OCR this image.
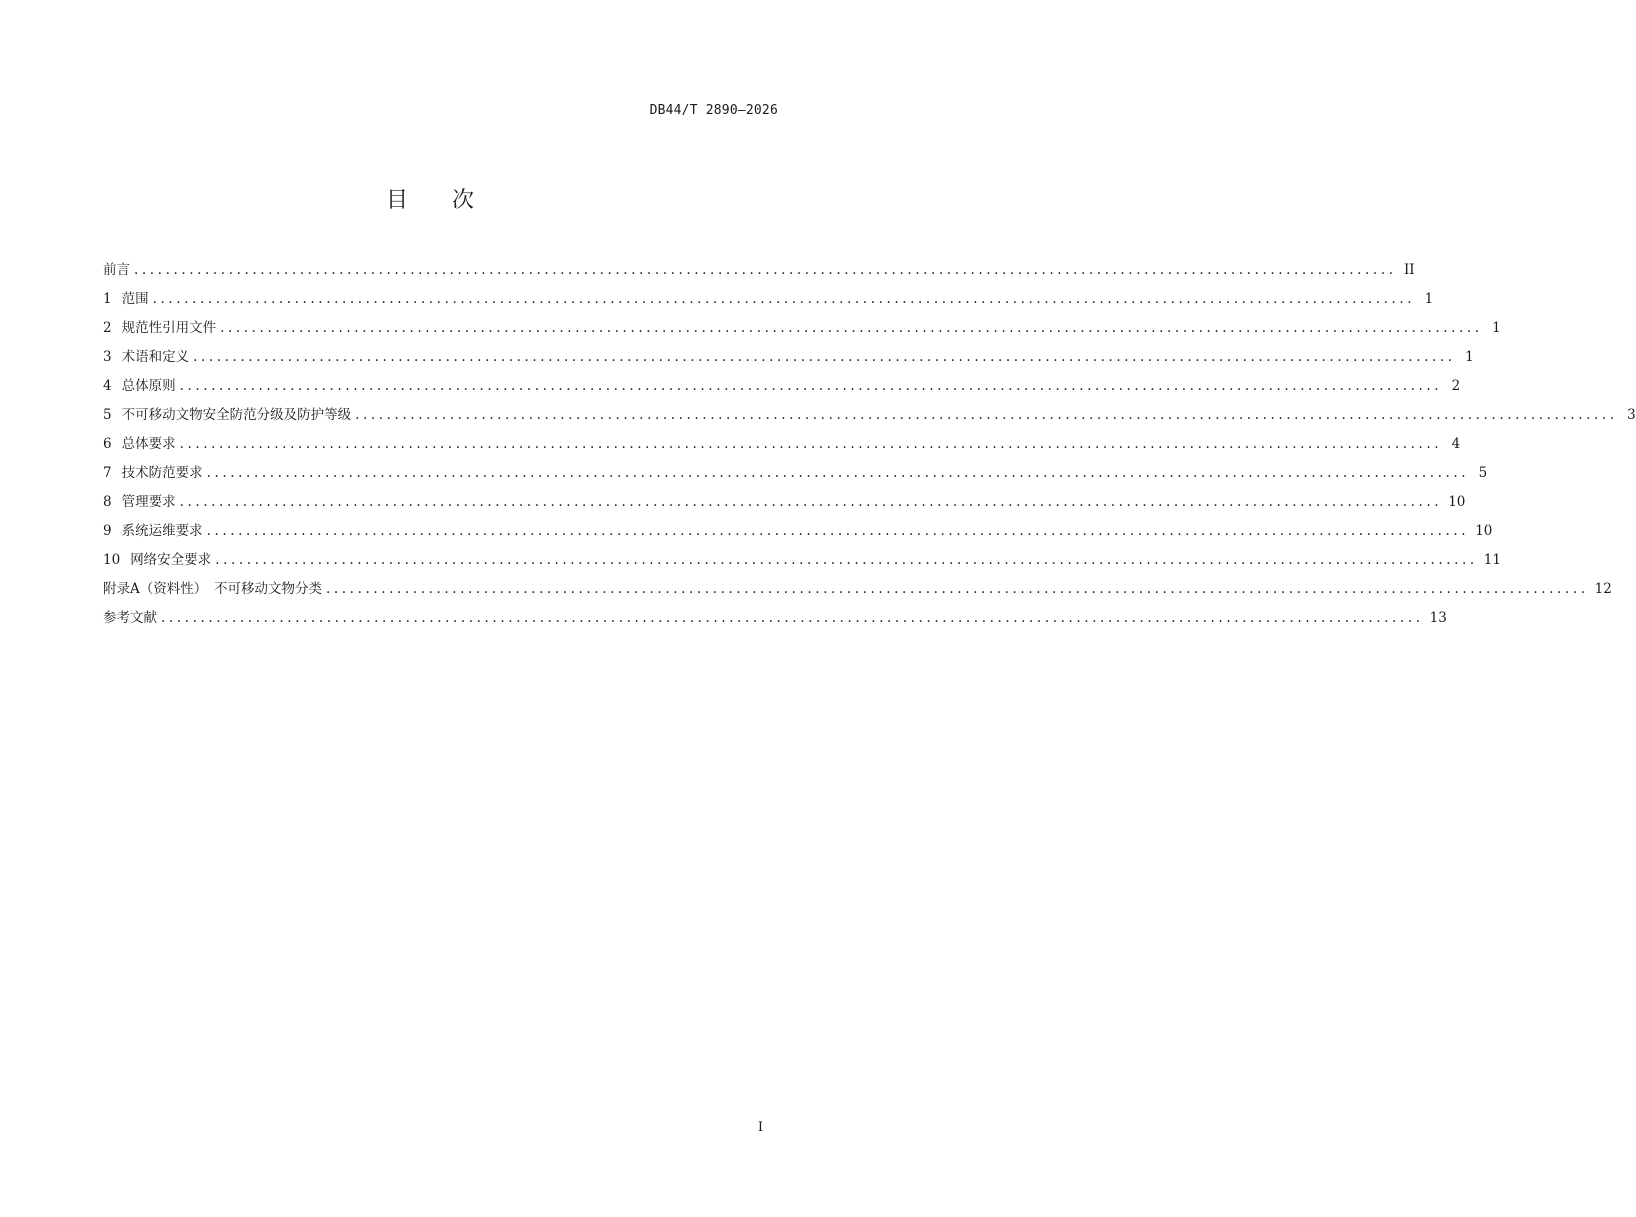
DB44/T 2890—2026
目 次
前言 ................................................................................................................................................................ II
1 范围 ................................................................................................................................................................ 1
2 规范性引用文件 ................................................................................................................................................................ 1
3 术语和定义 ................................................................................................................................................................ 1
4 总体原则 ................................................................................................................................................................ 2
5 不可移动文物安全防范分级及防护等级 ................................................................................................................................................................ 3
6 总体要求 ................................................................................................................................................................ 4
7 技术防范要求 ................................................................................................................................................................ 5
8 管理要求 ................................................................................................................................................................ 10
9 系统运维要求 ................................................................................................................................................................ 10
10 网络安全要求 ................................................................................................................................................................ 11
附录A（资料性）　不可移动文物分类 ................................................................................................................................................................ 12
参考文献 ................................................................................................................................................................ 13
I
